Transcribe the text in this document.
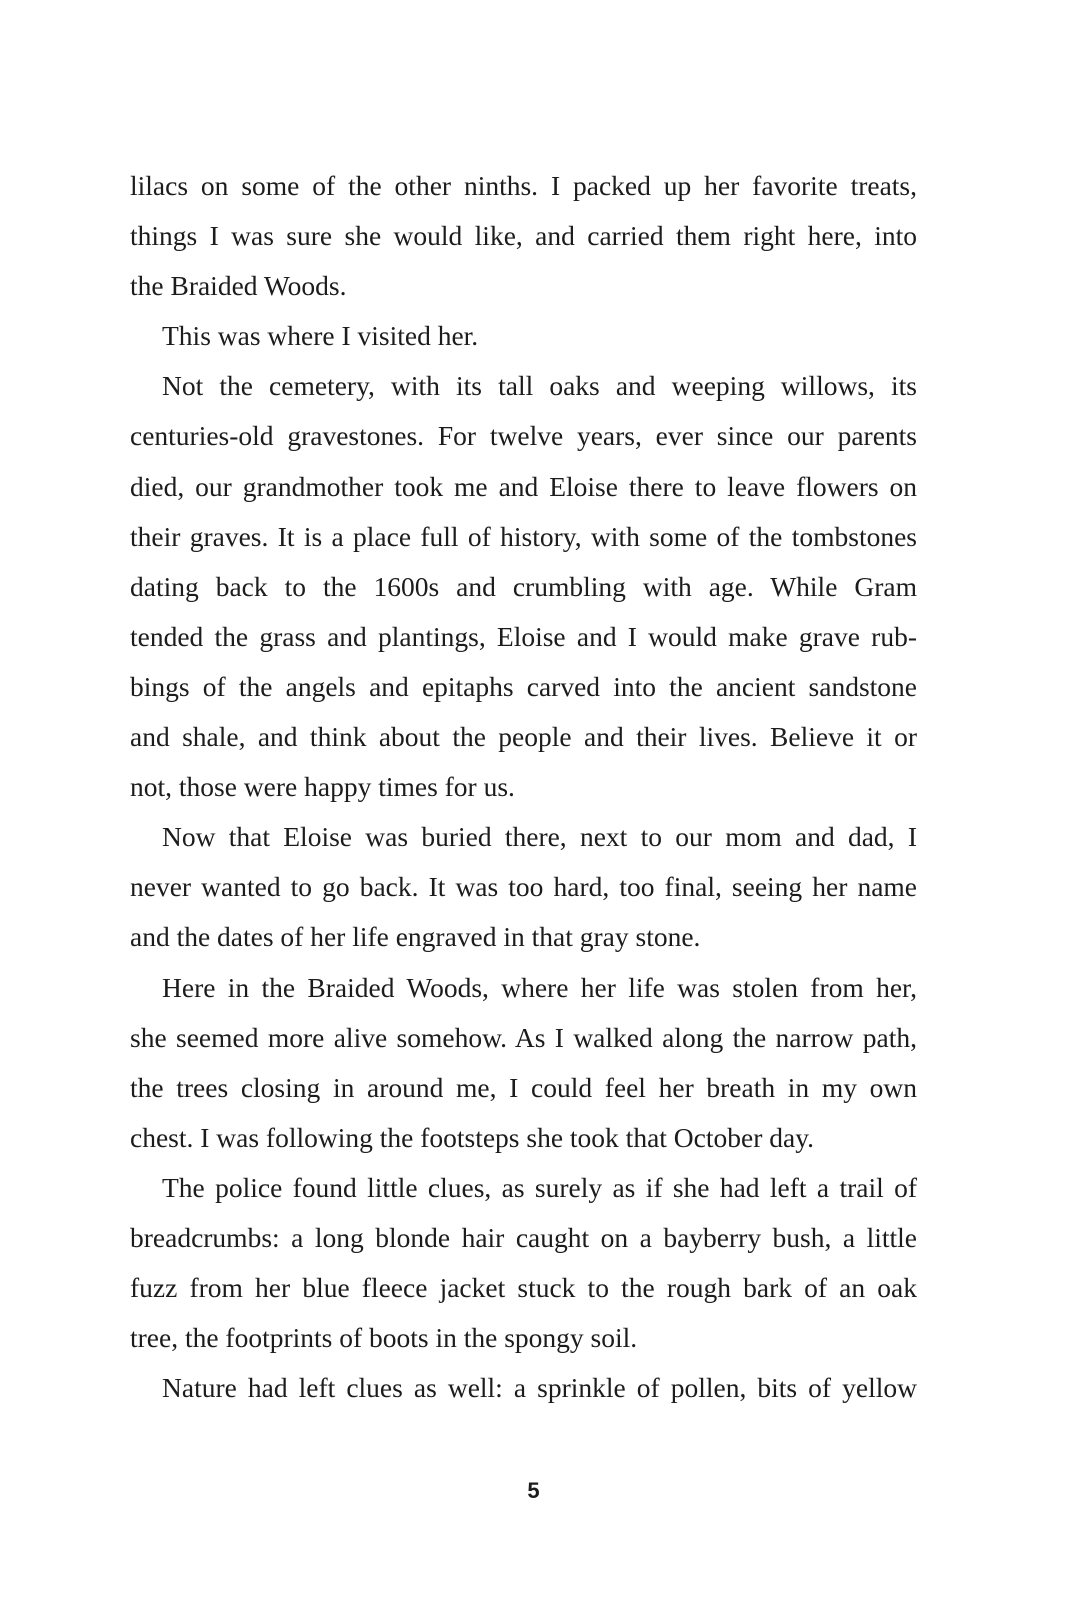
lilacs on some of the other ninths. I packed up her favorite treats,
things I was sure she would like, and carried them right here, into
the Braided Woods.
This was where I visited her.
Not the cemetery, with its tall oaks and weeping willows, its
centuries-old gravestones. For twelve years, ever since our parents
died, our grandmother took me and Eloise there to leave flowers on
their graves. It is a place full of history, with some of the tombstones
dating back to the 1600s and crumbling with age. While Gram
tended the grass and plantings, Eloise and I would make grave rub-
bings of the angels and epitaphs carved into the ancient sandstone
and shale, and think about the people and their lives. Believe it or
not, those were happy times for us.
Now that Eloise was buried there, next to our mom and dad, I
never wanted to go back. It was too hard, too final, seeing her name
and the dates of her life engraved in that gray stone.
Here in the Braided Woods, where her life was stolen from her,
she seemed more alive somehow. As I walked along the narrow path,
the trees closing in around me, I could feel her breath in my own
chest. I was following the footsteps she took that October day.
The police found little clues, as surely as if she had left a trail of
breadcrumbs: a long blonde hair caught on a bayberry bush, a little
fuzz from her blue fleece jacket stuck to the rough bark of an oak
tree, the footprints of boots in the spongy soil.
Nature had left clues as well: a sprinkle of pollen, bits of yellow
5
